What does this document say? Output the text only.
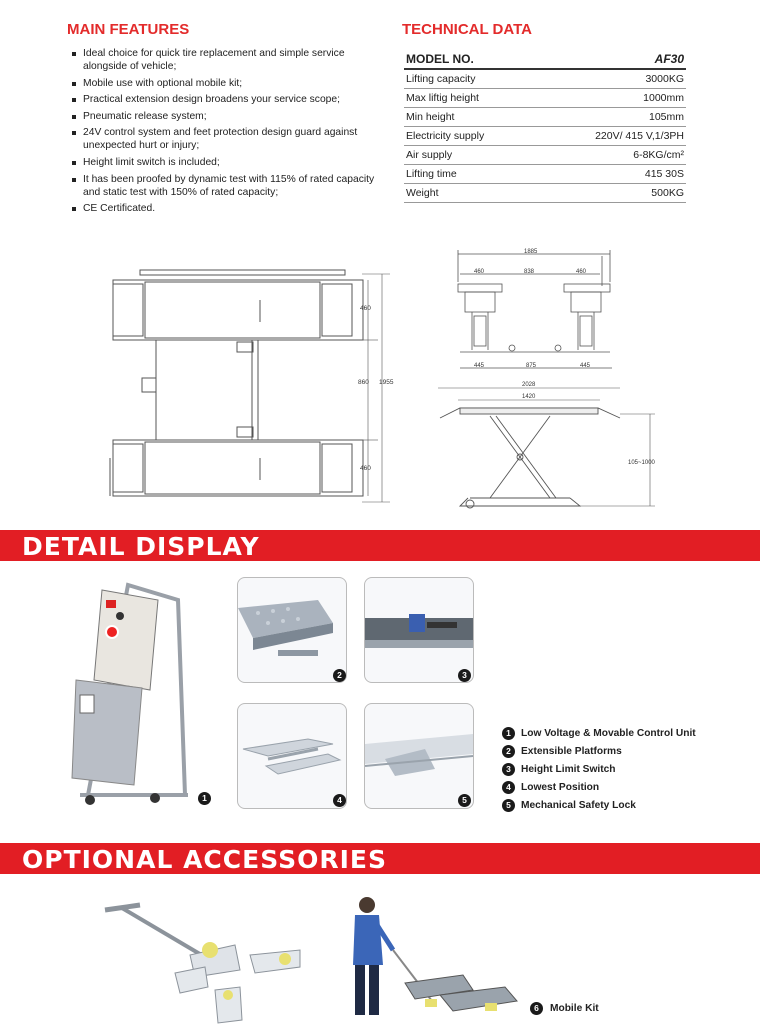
MAIN FEATURES
Ideal choice for quick tire replacement and simple service alongside of vehicle;
Mobile use with optional mobile kit;
Practical extension design broadens your service scope;
Pneumatic release system;
24V control system and feet protection design guard against unexpected hurt or injury;
Height limit switch is included;
It has been proofed by dynamic test with 115% of rated capacity and static test with 150% of rated capacity;
CE Certificated.
TECHNICAL DATA
MODEL NO.	AF30
Lifting capacity	3000KG
Max liftig height	1000mm
Min height	105mm
Electricity supply	220V/ 415 V,1/3PH
Air supply	6-8KG/cm²
Lifting time	415 30S
Weight	500KG
460
860 1955
460
1885
460	838	460
445	875	445
2028
1420
105~1000
DETAIL DISPLAY
1
2	3
4	5
1 Low Voltage & Movable Control Unit
2 Extensible Platforms
3 Height Limit Switch
4 Lowest Position
5 Mechanical Safety Lock
OPTIONAL ACCESSORIES
6	Mobile Kit
